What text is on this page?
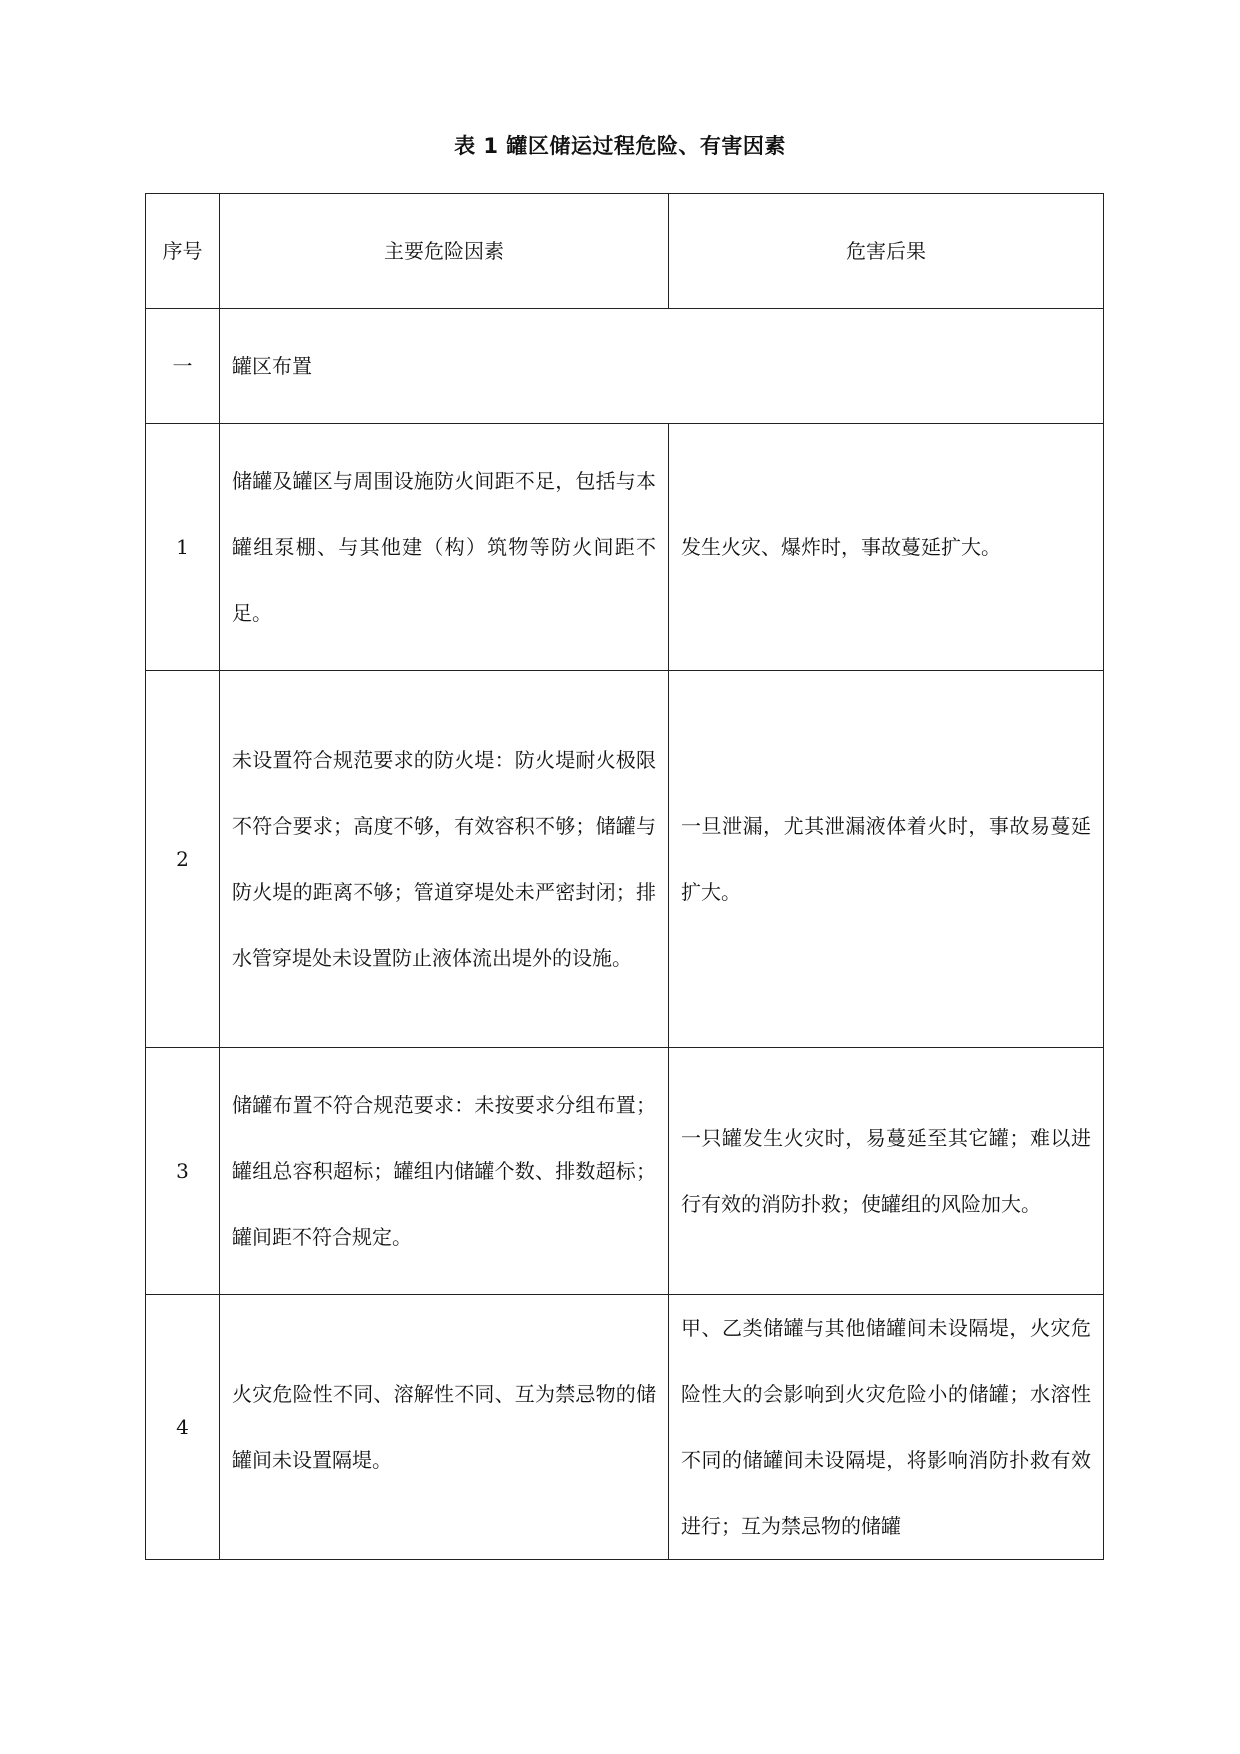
表 1 罐区储运过程危险、有害因素
序号	主要危险因素	危害后果
一	罐区布置	
1	储罐及罐区与周围设施防火间距不足，包括与本罐组泵棚、与其他建（构）筑物等防火间距不足。	发生火灾、爆炸时，事故蔓延扩大。
2	未设置符合规范要求的防火堤：防火堤耐火极限不符合要求；高度不够，有效容积不够；储罐与防火堤的距离不够；管道穿堤处未严密封闭；排水管穿堤处未设置防止液体流出堤外的设施。	一旦泄漏，尤其泄漏液体着火时，事故易蔓延扩大。
3	储罐布置不符合规范要求：未按要求分组布置；罐组总容积超标；罐组内储罐个数、排数超标；罐间距不符合规定。	一只罐发生火灾时，易蔓延至其它罐；难以进行有效的消防扑救；使罐组的风险加大。
4	火灾危险性不同、溶解性不同、互为禁忌物的储罐间未设置隔堤。	甲、乙类储罐与其他储罐间未设隔堤，火灾危险性大的会影响到火灾危险小的储罐；水溶性不同的储罐间未设隔堤，将影响消防扑救有效进行；互为禁忌物的储罐
